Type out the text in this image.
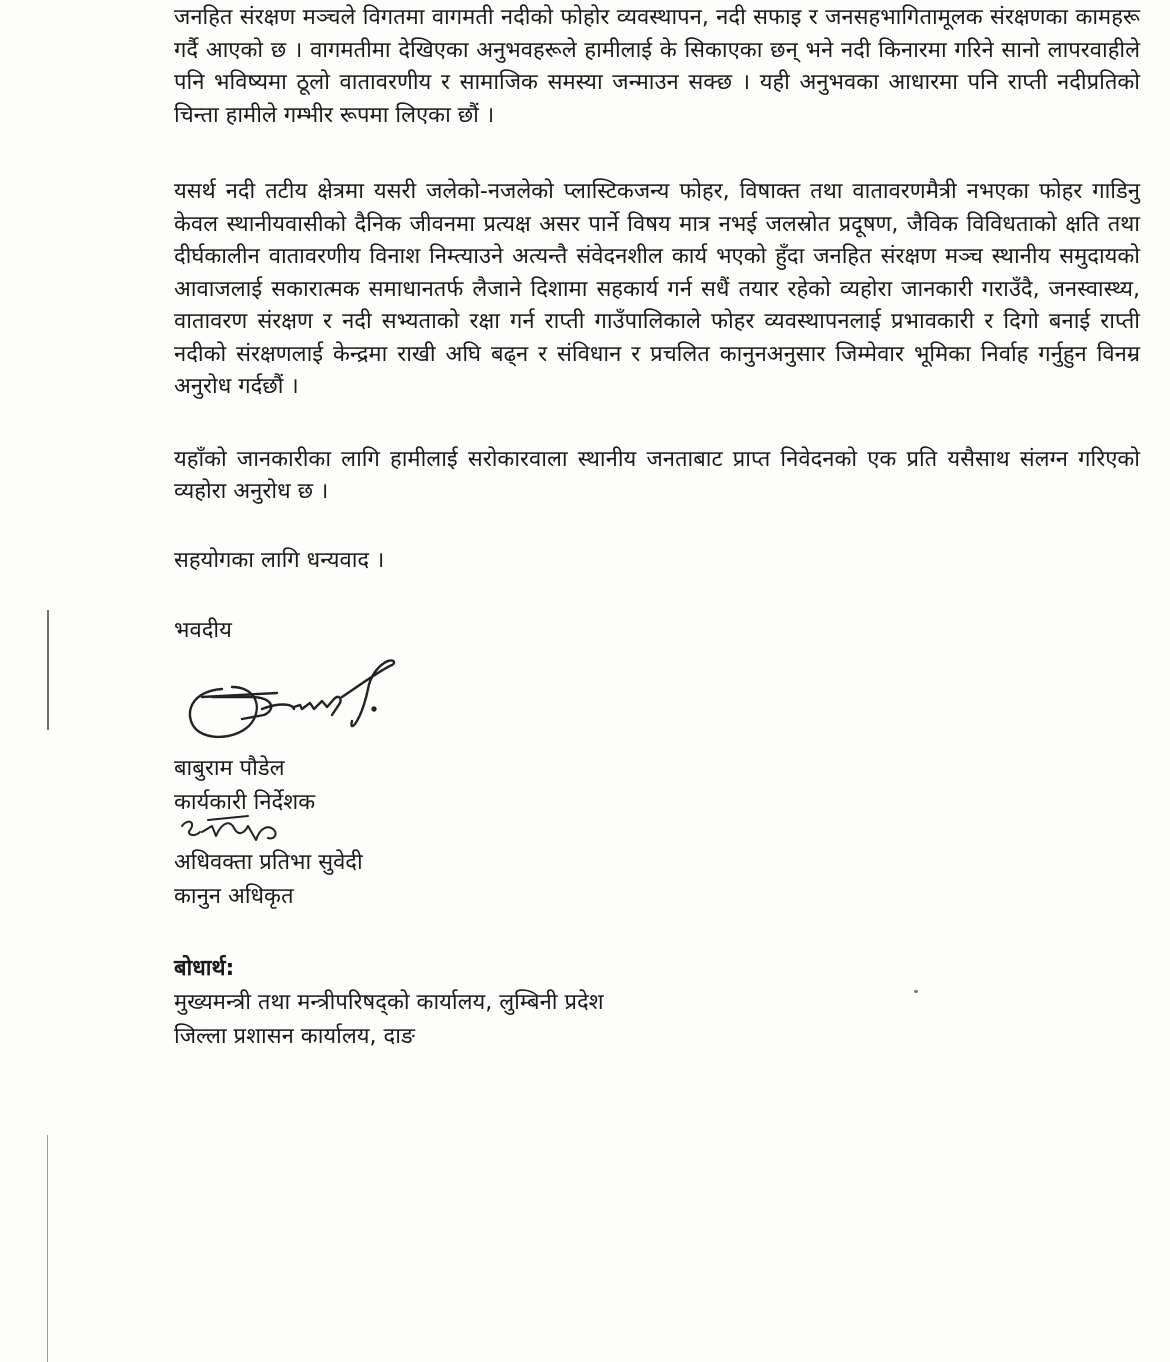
जनहित संरक्षण मञ्चले विगतमा वागमती नदीको फोहोर व्यवस्थापन, नदी सफाइ र जनसहभागितामूलक संरक्षणका कामहरू गर्दै आएको छ । वागमतीमा देखिएका अनुभवहरूले हामीलाई के सिकाएका छन् भने नदी किनारमा गरिने सानो लापरवाहीले पनि भविष्यमा ठूलो वातावरणीय र सामाजिक समस्या जन्माउन सक्छ । यही अनुभवका आधारमा पनि राप्ती नदीप्रतिको चिन्ता हामीले गम्भीर रूपमा लिएका छौं ।

यसर्थ नदी तटीय क्षेत्रमा यसरी जलेको-नजलेको प्लास्टिकजन्य फोहर, विषाक्त तथा वातावरणमैत्री नभएका फोहर गाडिनु केवल स्थानीयवासीको दैनिक जीवनमा प्रत्यक्ष असर पार्ने विषय मात्र नभई जलस्रोत प्रदूषण, जैविक विविधताको क्षति तथा दीर्घकालीन वातावरणीय विनाश निम्त्याउने अत्यन्तै संवेदनशील कार्य भएको हुँदा जनहित संरक्षण मञ्च स्थानीय समुदायको आवाजलाई सकारात्मक समाधानतर्फ लैजाने दिशामा सहकार्य गर्न सधैं तयार रहेको व्यहोरा जानकारी गराउँदै, जनस्वास्थ्य, वातावरण संरक्षण र नदी सभ्यताको रक्षा गर्न राप्ती गाउँपालिकाले फोहर व्यवस्थापनलाई प्रभावकारी र दिगो बनाई राप्ती नदीको संरक्षणलाई केन्द्रमा राखी अघि बढ्न र संविधान र प्रचलित कानुनअनुसार जिम्मेवार भूमिका निर्वाह गर्नुहुन विनम्र अनुरोध गर्दछौं ।

यहाँको जानकारीका लागि हामीलाई सरोकारवाला स्थानीय जनताबाट प्राप्त निवेदनको एक प्रति यसैसाथ संलग्न गरिएको व्यहोरा अनुरोध छ ।

सहयोगका लागि धन्यवाद ।

भवदीय

बाबुराम पौडेल

कार्यकारी निर्देशक

अधिवक्ता प्रतिभा सुवेदी

कानुन अधिकृत

बोधार्थ:
मुख्यमन्त्री तथा मन्त्रीपरिषद्को कार्यालय, लुम्बिनी प्रदेश
जिल्ला प्रशासन कार्यालय, दाङ
